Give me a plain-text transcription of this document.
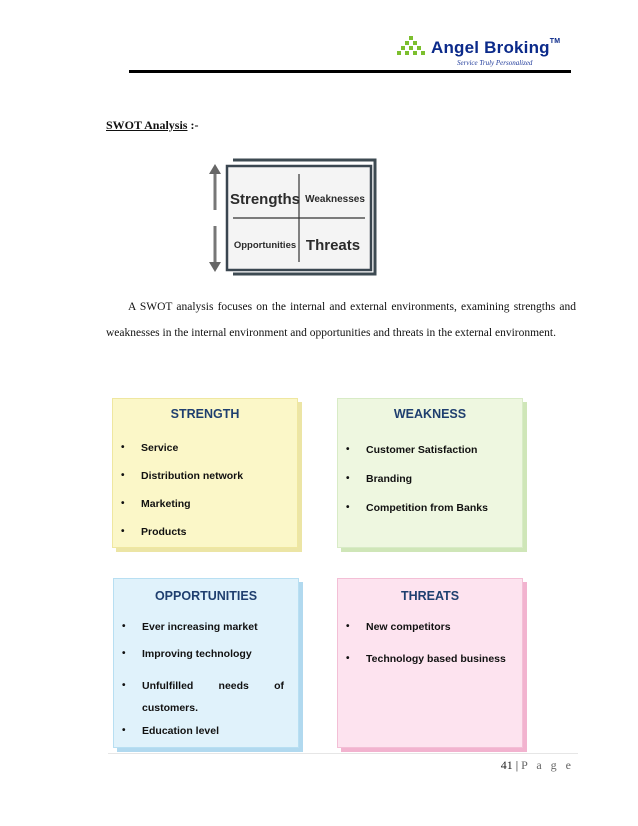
Angel Broking™
Service Truly Personalized
SWOT Analysis :-
Strengths Weaknesses
Opportunities Threats
A SWOT analysis focuses on the internal and external environments, examining strengths and weaknesses in the internal environment and opportunities and threats in the external environment.
STRENGTH
• Service
• Distribution network
• Marketing
• Products
WEAKNESS
• Customer Satisfaction
• Branding
• Competition from Banks
OPPORTUNITIES
• Ever increasing market
• Improving technology
• Unfulfilled needs of customers.
• Education level
THREATS
• New competitors
• Technology based business
41 | P a g e
